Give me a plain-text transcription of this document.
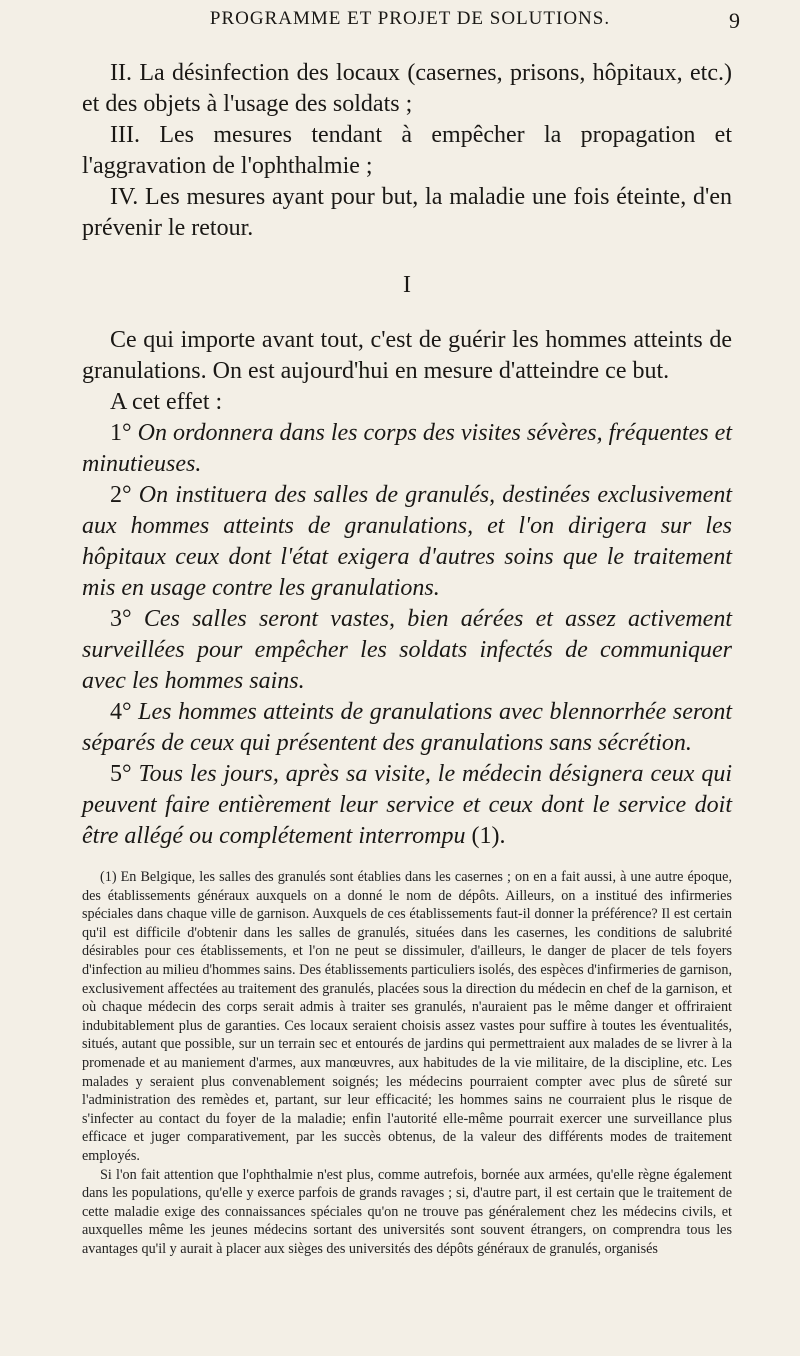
PROGRAMME ET PROJET DE SOLUTIONS.	9

II. La désinfection des locaux (casernes, prisons, hôpitaux, etc.) et des objets à l'usage des soldats ;

III. Les mesures tendant à empêcher la propagation et l'aggravation de l'ophthalmie ;

IV. Les mesures ayant pour but, la maladie une fois éteinte, d'en prévenir le retour.

I

Ce qui importe avant tout, c'est de guérir les hommes atteints de granulations. On est aujourd'hui en mesure d'atteindre ce but.

A cet effet :

1° On ordonnera dans les corps des visites sévères, fréquentes et minutieuses.

2° On instituera des salles de granulés, destinées exclusivement aux hommes atteints de granulations, et l'on dirigera sur les hôpitaux ceux dont l'état exigera d'autres soins que le traitement mis en usage contre les granulations.

3° Ces salles seront vastes, bien aérées et assez activement surveillées pour empêcher les soldats infectés de communiquer avec les hommes sains.

4° Les hommes atteints de granulations avec blennorrhée seront séparés de ceux qui présentent des granulations sans sécrétion.

5° Tous les jours, après sa visite, le médecin désignera ceux qui peuvent faire entièrement leur service et ceux dont le service doit être allégé ou complétement interrompu (1).

(1) En Belgique, les salles des granulés sont établies dans les casernes ; on en a fait aussi, à une autre époque, des établissements généraux auxquels on a donné le nom de dépôts. Ailleurs, on a institué des infirmeries spéciales dans chaque ville de garnison. Auxquels de ces établissements faut-il donner la préférence? Il est certain qu'il est difficile d'obtenir dans les salles de granulés, situées dans les casernes, les conditions de salubrité désirables pour ces établissements, et l'on ne peut se dissimuler, d'ailleurs, le danger de placer de tels foyers d'infection au milieu d'hommes sains. Des établissements particuliers isolés, des espèces d'infirmeries de garnison, exclusivement affectées au traitement des granulés, placées sous la direction du médecin en chef de la garnison, et où chaque médecin des corps serait admis à traiter ses granulés, n'auraient pas le même danger et offriraient indubitablement plus de garanties. Ces locaux seraient choisis assez vastes pour suffire à toutes les éventualités, situés, autant que possible, sur un terrain sec et entourés de jardins qui permettraient aux malades de se livrer à la promenade et au maniement d'armes, aux manœuvres, aux habitudes de la vie militaire, de la discipline, etc. Les malades y seraient plus convenablement soignés; les médecins pourraient compter avec plus de sûreté sur l'administration des remèdes et, partant, sur leur efficacité; les hommes sains ne courraient plus le risque de s'infecter au contact du foyer de la maladie; enfin l'autorité elle-même pourrait exercer une surveillance plus efficace et juger comparativement, par les succès obtenus, de la valeur des différents modes de traitement employés.

Si l'on fait attention que l'ophthalmie n'est plus, comme autrefois, bornée aux armées, qu'elle règne également dans les populations, qu'elle y exerce parfois de grands ravages ; si, d'autre part, il est certain que le traitement de cette maladie exige des connaissances spéciales qu'on ne trouve pas généralement chez les médecins civils, et auxquelles même les jeunes médecins sortant des universités sont souvent étrangers, on comprendra tous les avantages qu'il y aurait à placer aux sièges des universités des dépôts généraux de granulés, organisés
